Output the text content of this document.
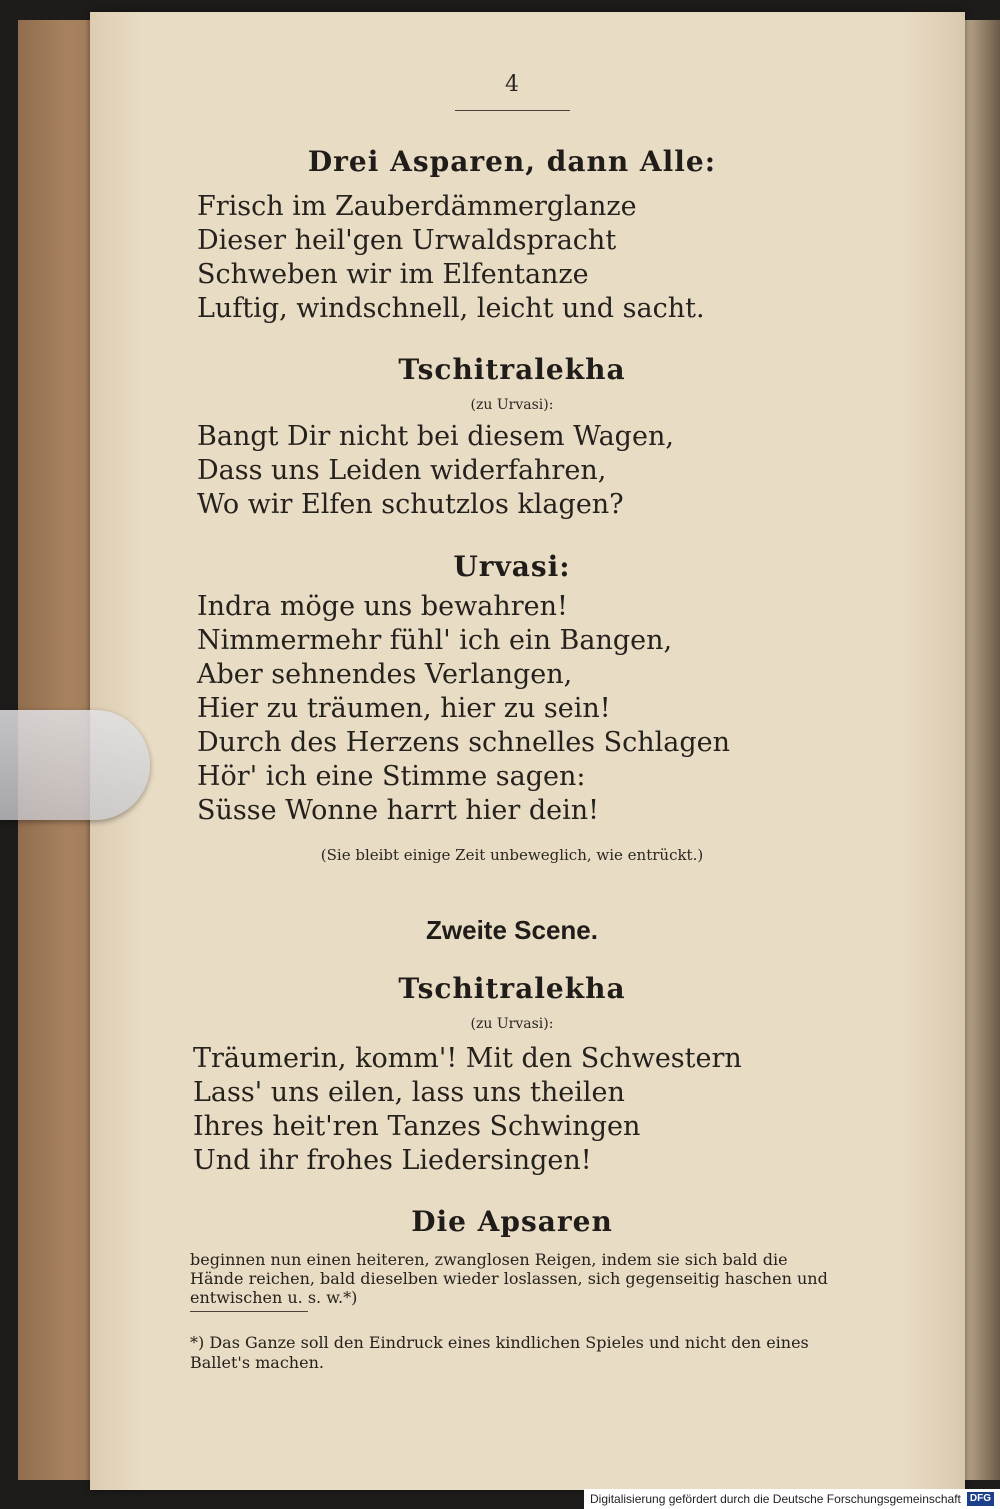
4
Drei Asparen, dann Alle:
Frisch im Zauberdämmerglanze
Dieser heil'gen Urwaldspracht
Schweben wir im Elfentanze
Luftig, windschnell, leicht und sacht.
Tschitralekha
(zu Urvasi):
Bangt Dir nicht bei diesem Wagen,
Dass uns Leiden widerfahren,
Wo wir Elfen schutzlos klagen?
Urvasi:
Indra möge uns bewahren!
Nimmermehr fühl' ich ein Bangen,
Aber sehnendes Verlangen,
Hier zu träumen, hier zu sein!
Durch des Herzens schnelles Schlagen
Hör' ich eine Stimme sagen:
Süsse Wonne harrt hier dein!
(Sie bleibt einige Zeit unbeweglich, wie entrückt.)
Zweite Scene.
Tschitralekha
(zu Urvasi):
Träumerin, komm'! Mit den Schwestern
Lass' uns eilen, lass uns theilen
Ihres heit'ren Tanzes Schwingen
Und ihr frohes Liedersingen!
Die Apsaren
beginnen nun einen heiteren, zwanglosen Reigen, indem sie sich bald die Hände reichen, bald dieselben wieder loslassen, sich gegenseitig haschen und entwischen u. s. w.*)
*) Das Ganze soll den Eindruck eines kindlichen Spieles und nicht den eines Ballet's machen.
Digitalisierung gefördert durch die Deutsche Forschungsgemeinschaft DFG
